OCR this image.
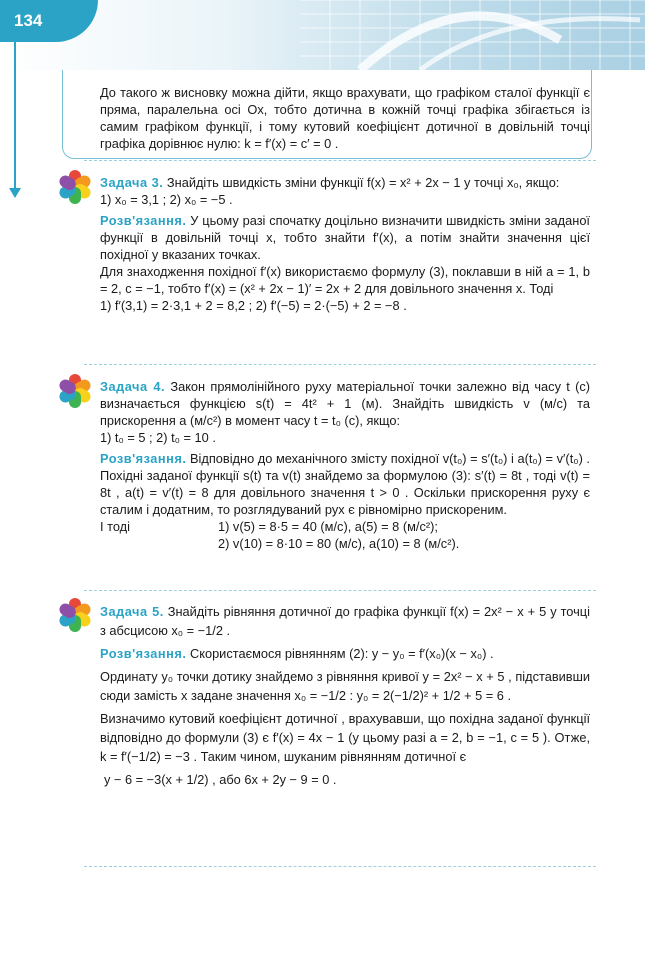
134

До такого ж висновку можна дійти, якщо врахувати, що графіком сталої функції є пряма, паралельна осі Ox, тобто дотична в кожній точці графіка збігається із самим графіком функції, і тому кутовий коефіцієнт дотичної в довільній точці графіка дорівнює нулю: k = f′(x) = c′ = 0 .

Задача 3. Знайдіть швидкість зміни функції f(x) = x² + 2x − 1 у точці x₀, якщо:

1) x₀ = 3,1 ; 2) x₀ = −5 .

Розв'язання. У цьому разі спочатку доцільно визначити швидкість зміни заданої функції в довільній точці x, тобто знайти f′(x), а потім знайти значення цієї похідної у вказаних точках.

Для знаходження похідної f′(x) використаємо формулу (3), поклавши в ній a = 1, b = 2, c = −1, тобто f′(x) = (x² + 2x − 1)′ = 2x + 2 для довільного значення x. Тоді

1) f′(3,1) = 2·3,1 + 2 = 8,2 ; 2) f′(−5) = 2·(−5) + 2 = −8 .

Задача 4. Закон прямолінійного руху матеріальної точки залежно від часу t (с) визначається функцією s(t) = 4t² + 1 (м). Знайдіть швидкість v (м/с) та прискорення a (м/с²) в момент часу t = t₀ (с), якщо:

1) t₀ = 5 ; 2) t₀ = 10 .

Розв'язання. Відповідно до механічного змісту похідної v(t₀) = s′(t₀) і a(t₀) = v′(t₀) . Похідні заданої функції s(t) та v(t) знайдемо за формулою (3): s′(t) = 8t , тоді v(t) = 8t , a(t) = v′(t) = 8 для довільного значення t > 0 . Оскільки прискорення руху є сталим і додатним, то розглядуваний рух є рівномірно прискореним.

І тоді	1) v(5) = 8·5 = 40 (м/с), a(5) = 8 (м/с²);
2) v(10) = 8·10 = 80 (м/с), a(10) = 8 (м/с²).

Задача 5. Знайдіть рівняння дотичної до графіка функції f(x) = 2x² − x + 5 у точці з абсцисою x₀ = −1/2 .

Розв'язання. Скористаємося рівнянням (2): y − y₀ = f′(x₀)(x − x₀) .

Ординату y₀ точки дотику знайдемо з рівняння кривої y = 2x² − x + 5 , підставивши сюди замість x задане значення x₀ = −1/2 : y₀ = 2(−1/2)² + 1/2 + 5 = 6 .

Визначимо кутовий коефіцієнт дотичної , врахувавши, що похідна заданої функції відповідно до формули (3) є f′(x) = 4x − 1 (у цьому разі a = 2, b = −1, c = 5 ). Отже, k = f′(−1/2) = −3 . Таким чином, шуканим рівнянням дотичної є

y − 6 = −3(x + 1/2) , або 6x + 2y − 9 = 0 .
